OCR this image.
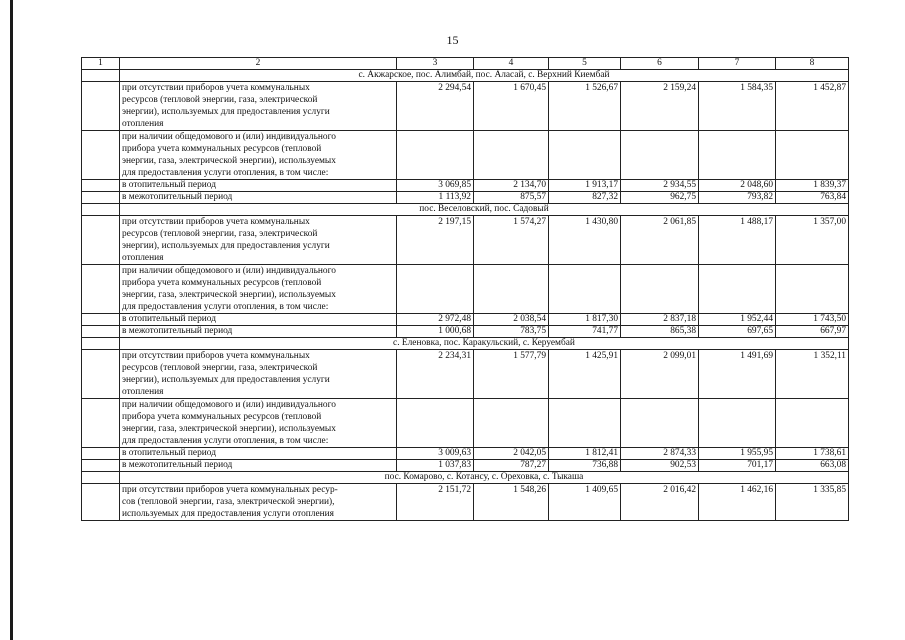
15
1	2	3	4	5	6	7	8
	с. Акжарское, пос. Алимбай, пос. Аласай, с. Верхний Киембай						

	при отсутствии приборов учета коммунальных
ресурсов (тепловой энергии, газа, электрической
энергии), используемых для предоставления услуги
отопления	2 294,54	1 670,45	1 526,67	2 159,24	1 584,35	1 452,87

	при наличии общедомового и (или) индивидуального
прибора учета коммунальных ресурсов (тепловой
энергии, газа, электрической энергии), используемых
для предоставления услуги отопления, в том числе:						

	в отопительный период	3 069,85	2 134,70	1 913,17	2 934,55	2 048,60	1 839,37
	в межотопительный период	1 113,92	875,57	827,32	962,75	793,82	763,84
	пос. Веселовский, пос. Садовый						

	при отсутствии приборов учета коммунальных
ресурсов (тепловой энергии, газа, электрической
энергии), используемых для предоставления услуги
отопления	2 197,15	1 574,27	1 430,80	2 061,85	1 488,17	1 357,00

	при наличии общедомового и (или) индивидуального
прибора учета коммунальных ресурсов (тепловой
энергии, газа, электрической энергии), используемых
для предоставления услуги отопления, в том числе:						

	в отопительный период	2 972,48	2 038,54	1 817,30	2 837,18	1 952,44	1 743,50
	в межотопительный период	1 000,68	783,75	741,77	865,38	697,65	667,97
	с. Еленовка, пос. Каракульский, с. Керуембай						

	при отсутствии приборов учета коммунальных
ресурсов (тепловой энергии, газа, электрической
энергии), используемых для предоставления услуги
отопления	2 234,31	1 577,79	1 425,91	2 099,01	1 491,69	1 352,11

	при наличии общедомового и (или) индивидуального
прибора учета коммунальных ресурсов (тепловой
энергии, газа, электрической энергии), используемых
для предоставления услуги отопления, в том числе:						

	в отопительный период	3 009,63	2 042,05	1 812,41	2 874,33	1 955,95	1 738,61
	в межотопительный период	1 037,83	787,27	736,88	902,53	701,17	663,08
	пос. Комарово, с. Котансу, с. Ореховка, с. Тыкаша						

	при отсутствии приборов учета коммунальных ресур-
сов (тепловой энергии, газа, электрической энергии),
используемых для предоставления услуги отопления	2 151,72	1 548,26	1 409,65	2 016,42	1 462,16	1 335,85
